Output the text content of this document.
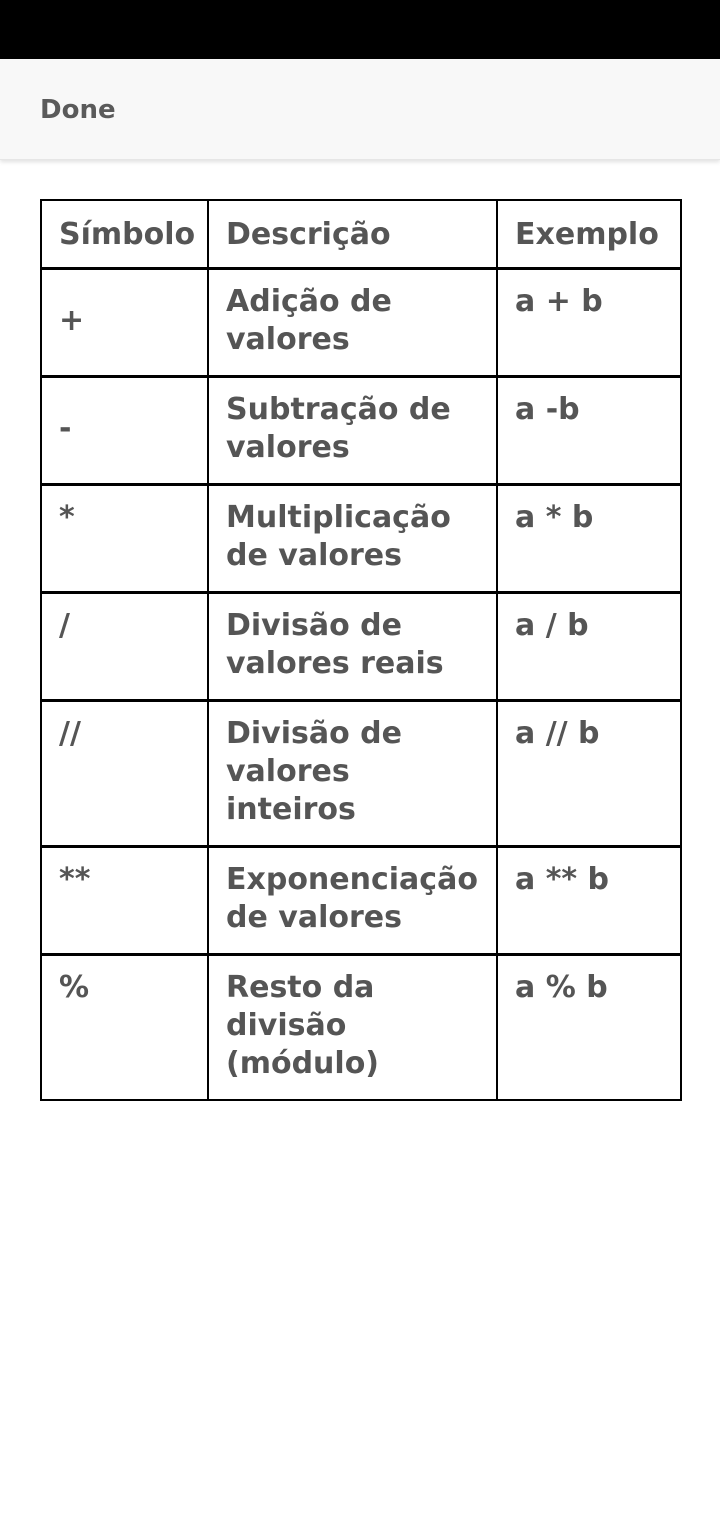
Done
Símbolo	Descrição	Exemplo
+	Adição de valores	a + b
-	Subtração de valores	a -b
*	Multiplicação de valores	a * b
/	Divisão de valores reais	a / b
//	Divisão de valores inteiros	a // b
**	Exponenciação de valores	a ** b
%	Resto da divisão (módulo)	a % b
